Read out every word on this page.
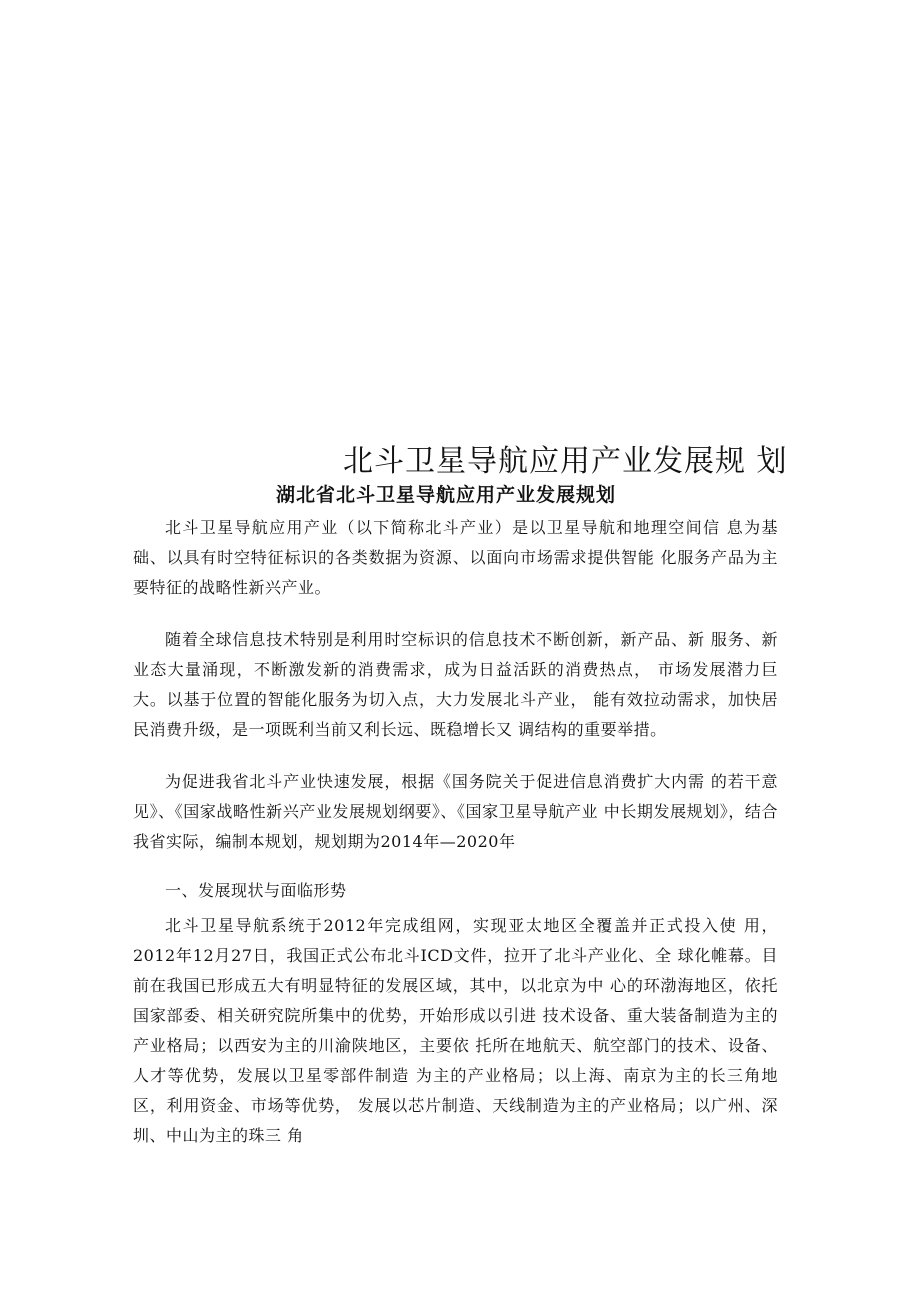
北斗卫星导航应用产业发展规 划
湖北省北斗卫星导航应用产业发展规划

北斗卫星导航应用产业（以下简称北斗产业）是以卫星导航和地理空间信 息为基础、以具有时空特征标识的各类数据为资源、以面向市场需求提供智能 化服务产品为主要特征的战略性新兴产业。

随着全球信息技术特别是利用时空标识的信息技术不断创新，新产品、新 服务、新业态大量涌现，不断激发新的消费需求，成为日益活跃的消费热点， 市场发展潜力巨大。以基于位置的智能化服务为切入点，大力发展北斗产业， 能有效拉动需求，加快居民消费升级，是一项既利当前又利长远、既稳增长又 调结构的重要举措。

为促进我省北斗产业快速发展，根据《国务院关于促进信息消费扩大内需 的若干意见》、《国家战略性新兴产业发展规划纲要》、《国家卫星导航产业 中长期发展规划》，结合我省实际，编制本规划，规划期为2014年—2020年

一、发展现状与面临形势

北斗卫星导航系统于2012年完成组网，实现亚太地区全覆盖并正式投入使 用，2012年12月27日，我国正式公布北斗ICD文件，拉开了北斗产业化、全 球化帷幕。目前在我国已形成五大有明显特征的发展区域，其中，以北京为中 心的环渤海地区，依托国家部委、相关研究院所集中的优势，开始形成以引进 技术设备、重大装备制造为主的产业格局；以西安为主的川渝陕地区，主要依 托所在地航天、航空部门的技术、设备、人才等优势，发展以卫星零部件制造 为主的产业格局；以上海、南京为主的长三角地区，利用资金、市场等优势， 发展以芯片制造、天线制造为主的产业格局；以广州、深圳、中山为主的珠三 角
